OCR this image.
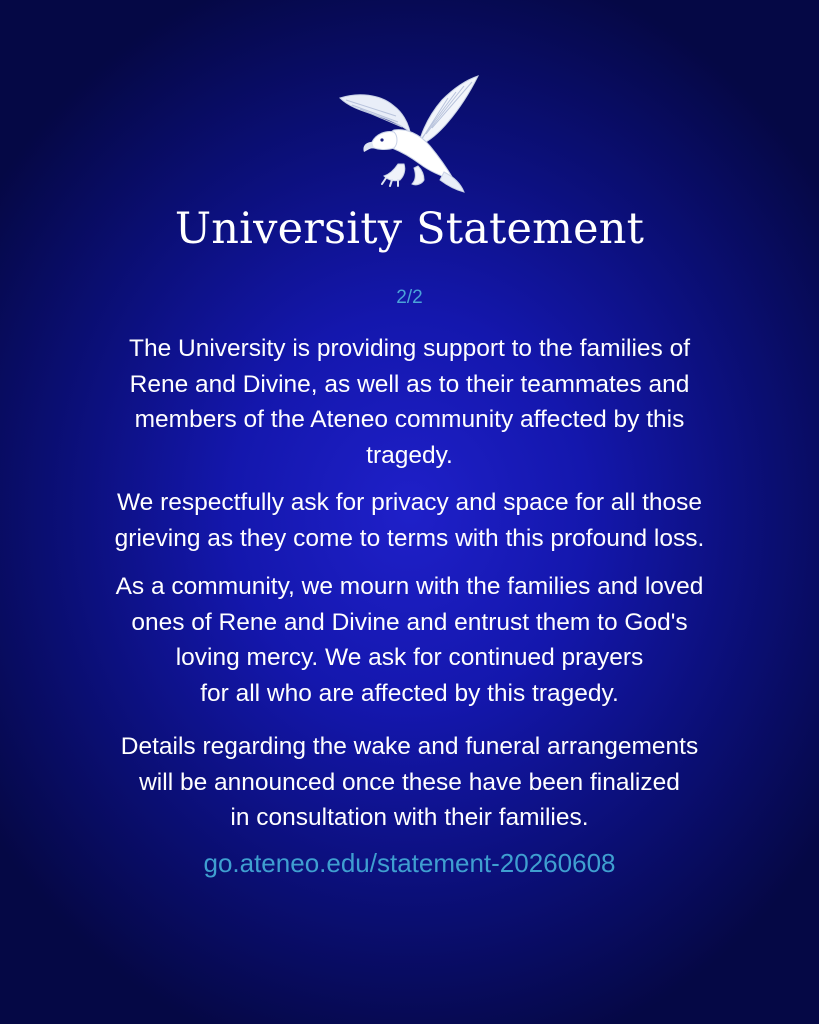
University Statement
2/2

The University is providing support to the families of
Rene and Divine, as well as to their teammates and
members of the Ateneo community affected by this
tragedy.

We respectfully ask for privacy and space for all those
grieving as they come to terms with this profound loss.

As a community, we mourn with the families and loved
ones of Rene and Divine and entrust them to God's
loving mercy. We ask for continued prayers
for all who are affected by this tragedy.

Details regarding the wake and funeral arrangements
will be announced once these have been finalized
in consultation with their families.

go.ateneo.edu/statement-20260608
